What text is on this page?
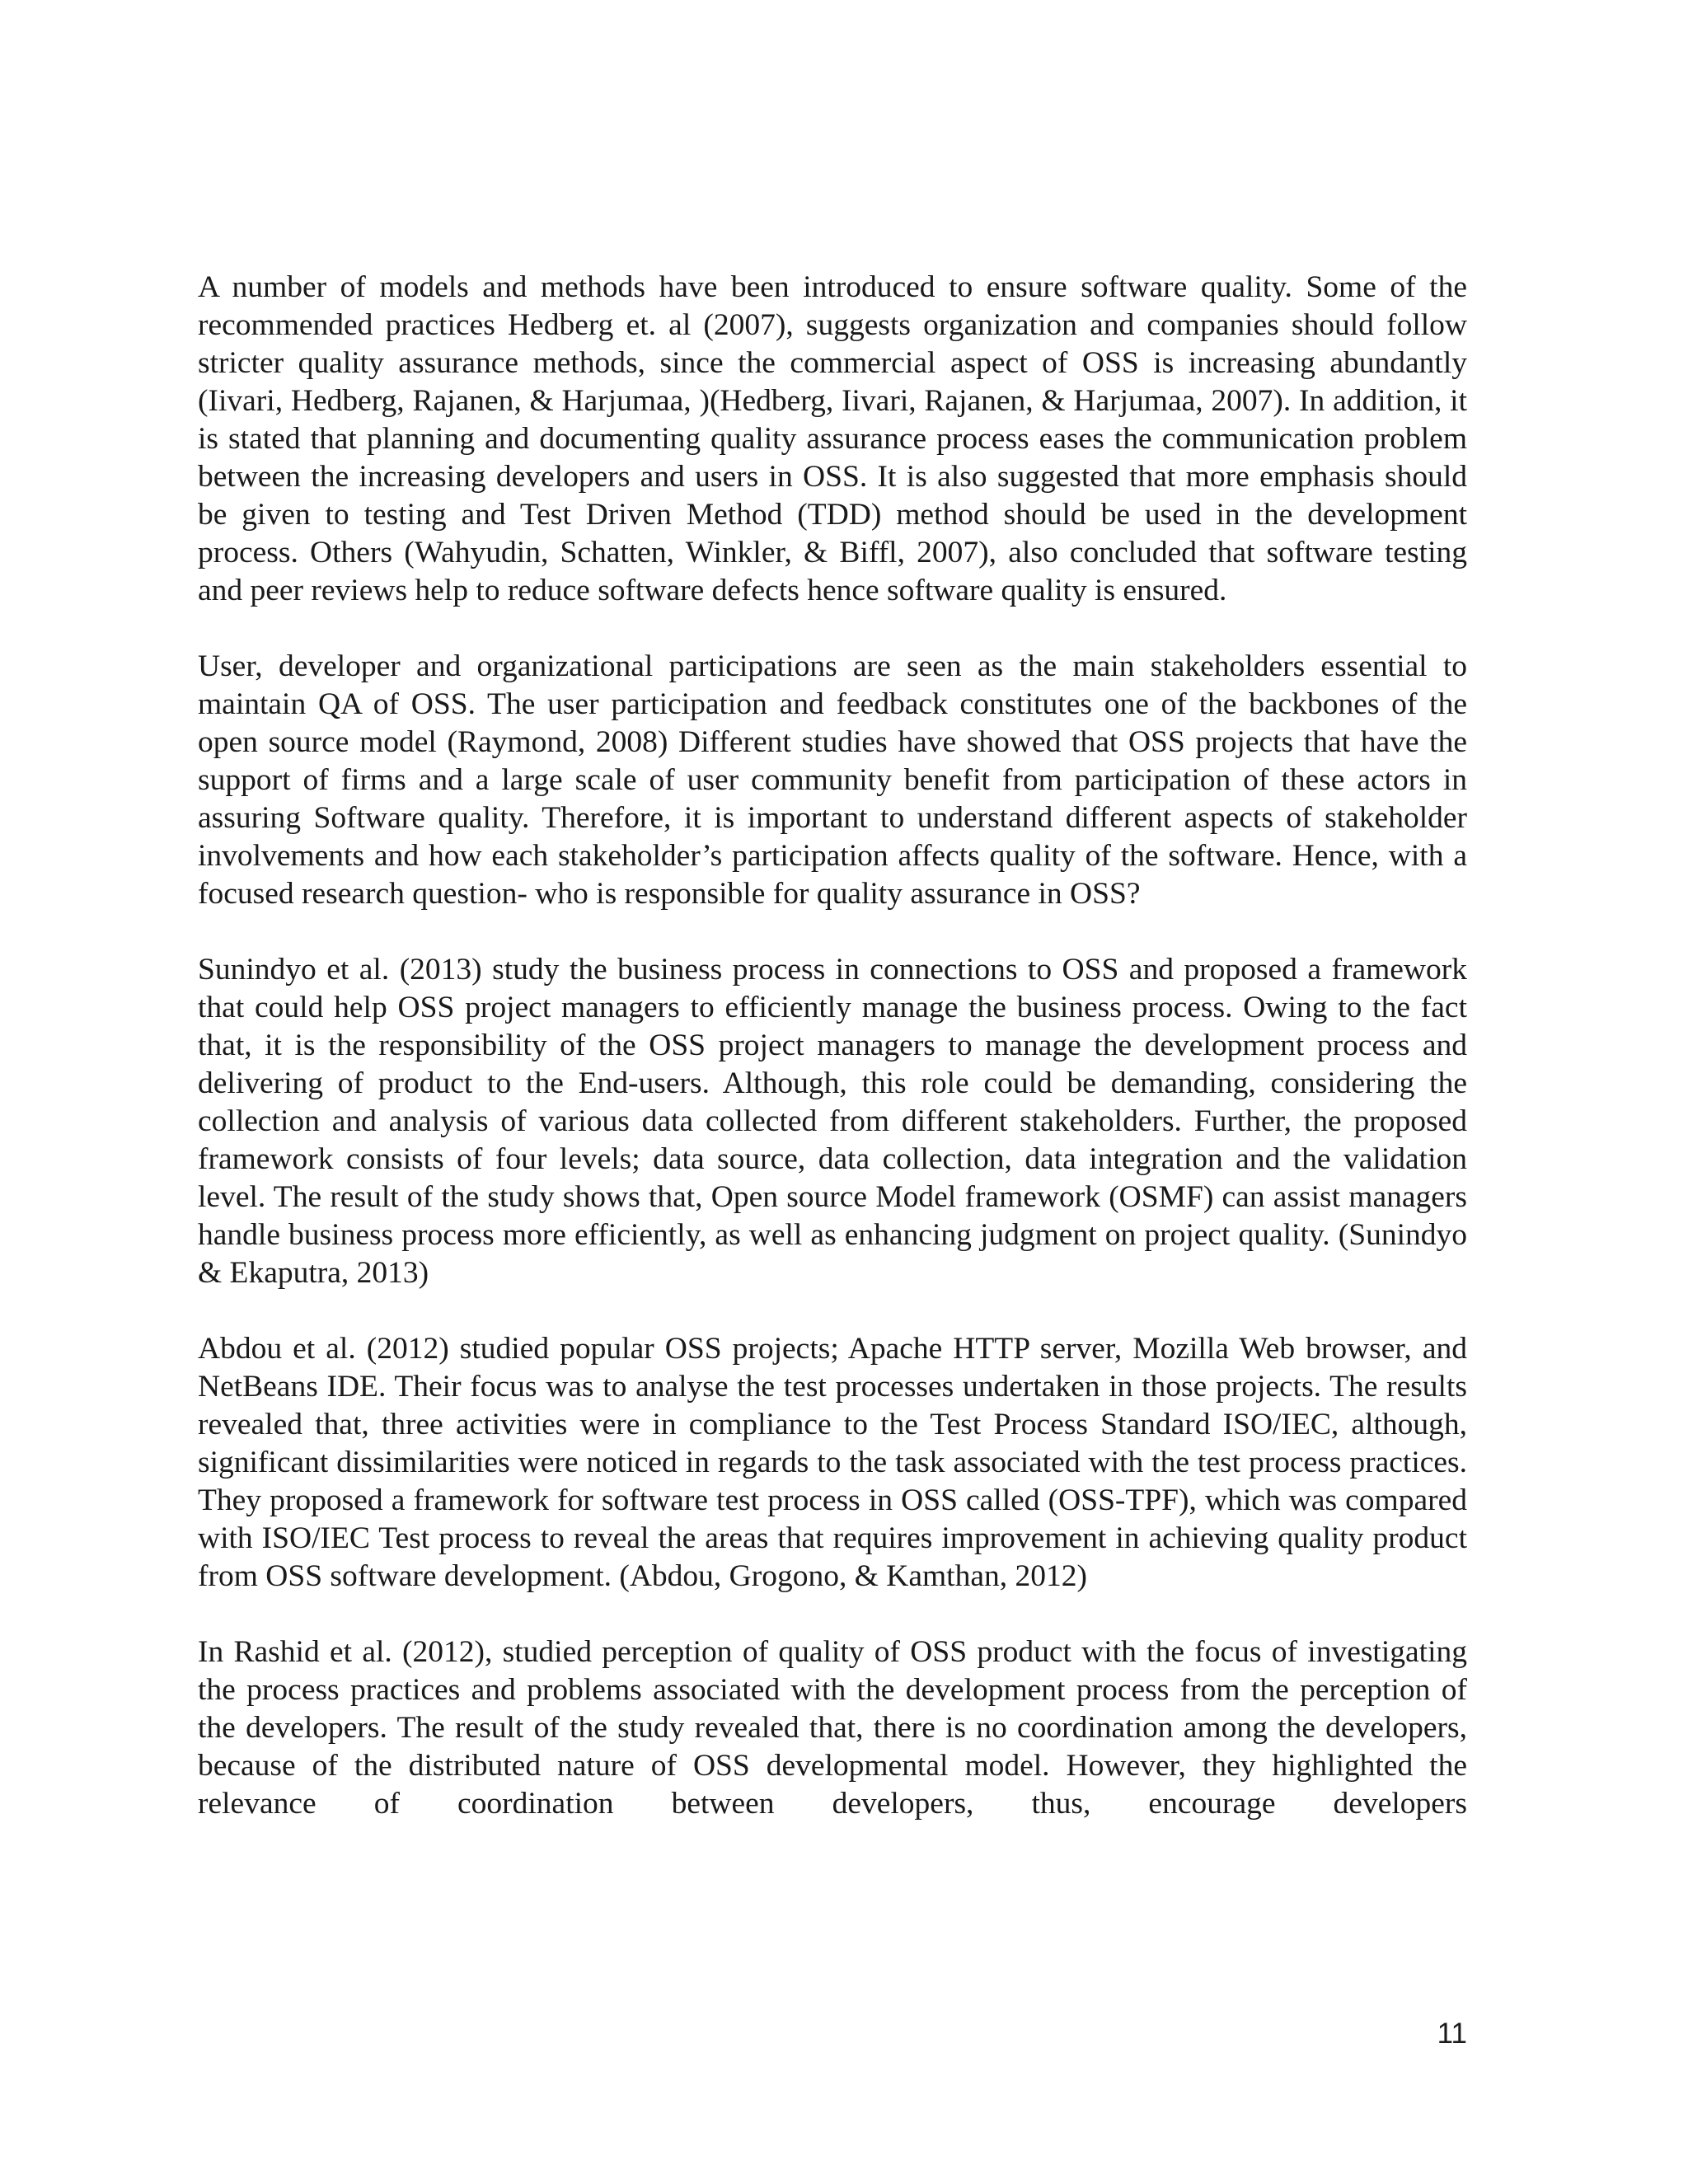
A number of models and methods have been introduced to ensure software quality. Some of the recommended practices Hedberg et. al (2007), suggests organization and companies should follow stricter quality assurance methods, since the commercial aspect of OSS is increasing abundantly (Iivari, Hedberg, Rajanen, & Harjumaa, )(Hedberg, Iivari, Rajanen, & Harjumaa, 2007). In addition, it is stated that planning and documenting quality assurance process eases the communication problem between the increasing developers and users in OSS. It is also suggested that more emphasis should be given to testing and Test Driven Method (TDD) method should be used in the development process. Others (Wahyudin, Schatten, Winkler, & Biffl, 2007), also concluded that software testing and peer reviews help to reduce software defects hence software quality is ensured.

User, developer and organizational participations are seen as the main stakeholders essential to maintain QA of OSS. The user participation and feedback constitutes one of the backbones of the open source model (Raymond, 2008) Different studies have showed that OSS projects that have the support of firms and a large scale of user community benefit from participation of these actors in assuring Software quality. Therefore, it is important to understand different aspects of stakeholder involvements and how each stakeholder’s participation affects quality of the software. Hence, with a focused research question- who is responsible for quality assurance in OSS?

Sunindyo et al. (2013) study the business process in connections to OSS and proposed a framework that could help OSS project managers to efficiently manage the business process. Owing to the fact that, it is the responsibility of the OSS project managers to manage the development process and delivering of product to the End-users. Although, this role could be demanding, considering the collection and analysis of various data collected from different stakeholders. Further, the proposed framework consists of four levels; data source, data collection, data integration and the validation level. The result of the study shows that, Open source Model framework (OSMF) can assist managers handle business process more efficiently, as well as enhancing judgment on project quality. (Sunindyo & Ekaputra, 2013)

Abdou et al. (2012) studied popular OSS projects; Apache HTTP server, Mozilla Web browser, and NetBeans IDE. Their focus was to analyse the test processes undertaken in those projects. The results revealed that, three activities were in compliance to the Test Process Standard ISO/IEC, although, significant dissimilarities were noticed in regards to the task associated with the test process practices. They proposed a framework for software test process in OSS called (OSS-TPF), which was compared with ISO/IEC Test process to reveal the areas that requires improvement in achieving quality product from OSS software development. (Abdou, Grogono, & Kamthan, 2012)

In Rashid et al. (2012), studied perception of quality of OSS product with the focus of investigating the process practices and problems associated with the development process from the perception of the developers. The result of the study revealed that, there is no coordination among the developers, because of the distributed nature of OSS developmental model. However, they highlighted the relevance of coordination between developers, thus, encourage developers

11
